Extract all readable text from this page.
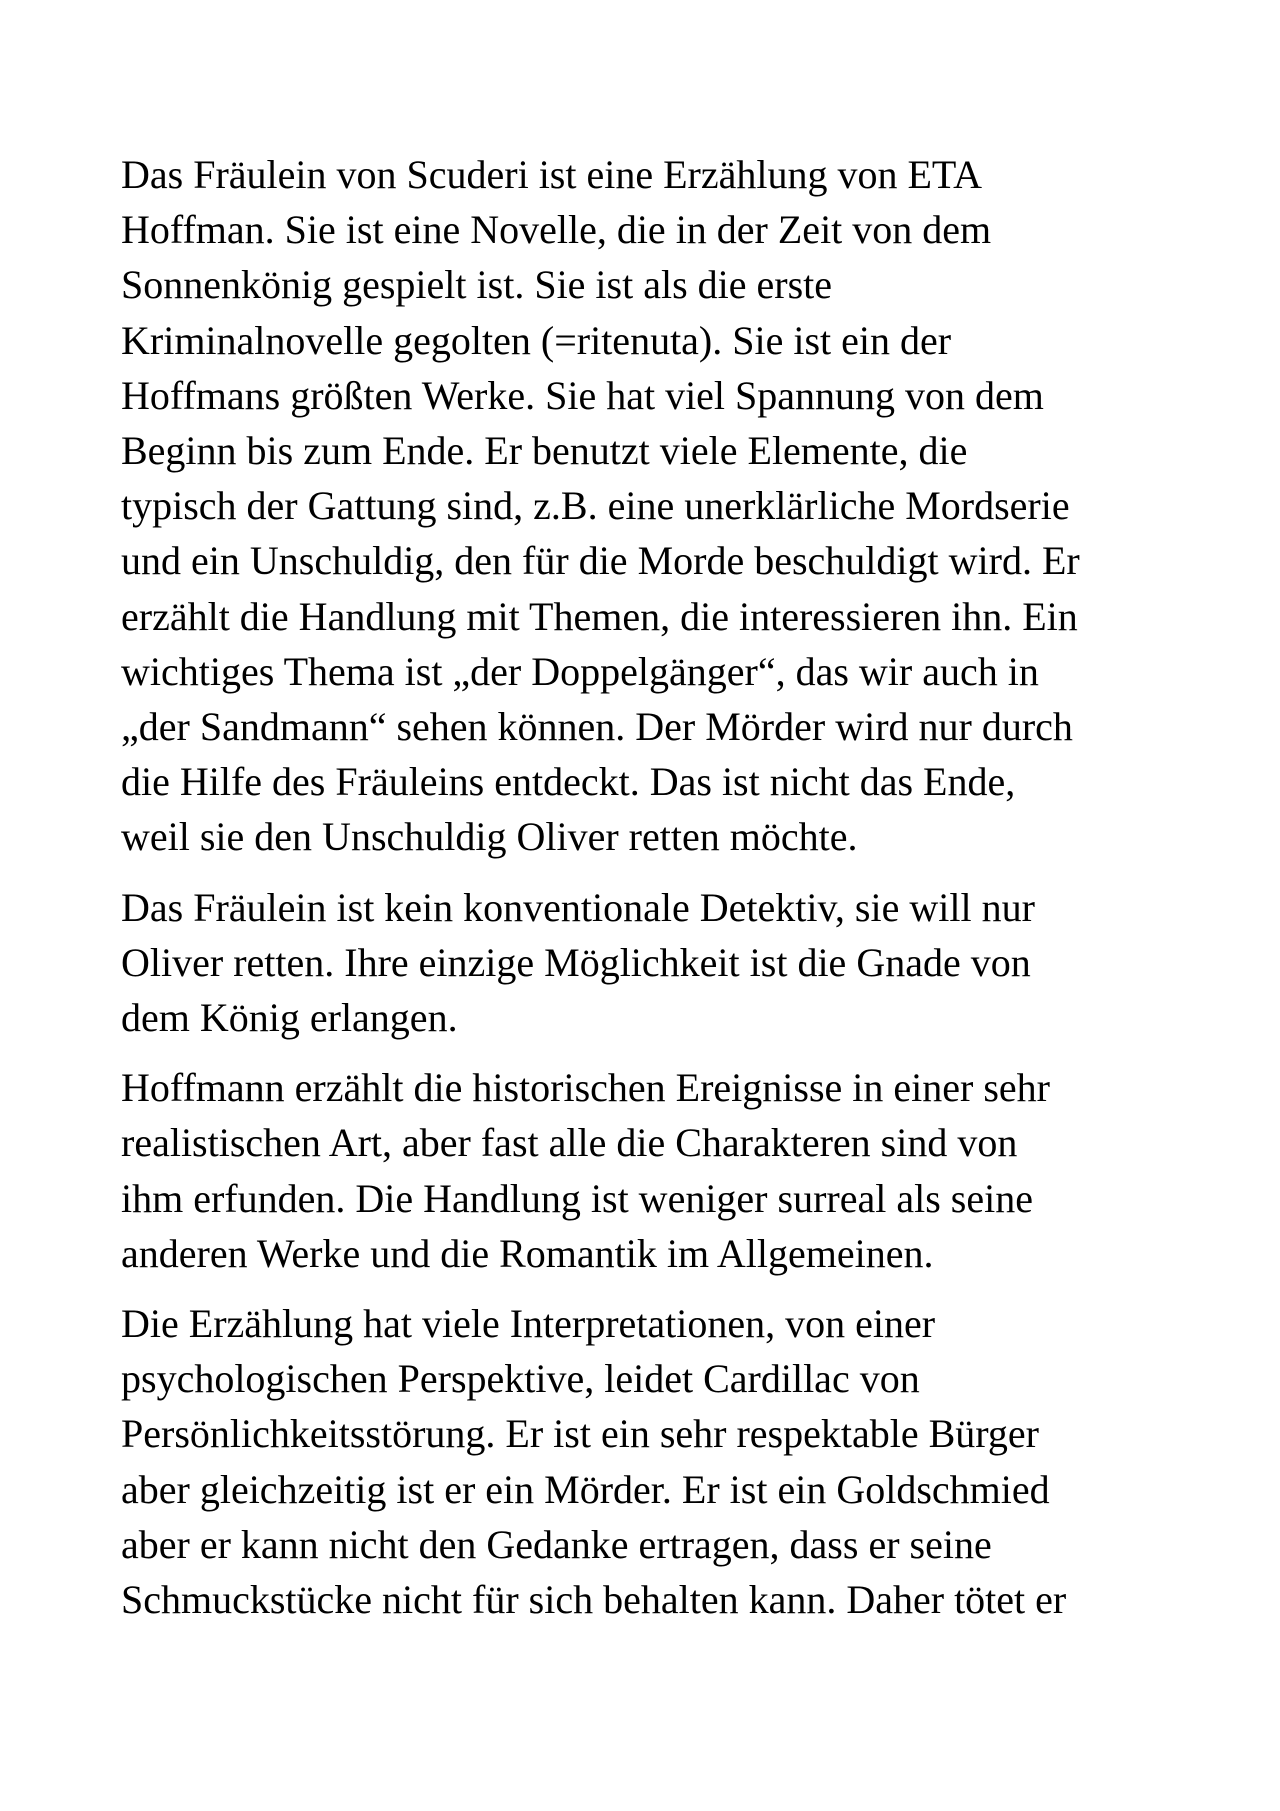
Das Fräulein von Scuderi ist eine Erzählung von ETA
Hoffman. Sie ist eine Novelle, die in der Zeit von dem
Sonnenkönig gespielt ist. Sie ist als die erste
Kriminalnovelle gegolten (=ritenuta). Sie ist ein der
Hoffmans größten Werke. Sie hat viel Spannung von dem
Beginn bis zum Ende. Er benutzt viele Elemente, die
typisch der Gattung sind, z.B. eine unerklärliche Mordserie
und ein Unschuldig, den für die Morde beschuldigt wird. Er
erzählt die Handlung mit Themen, die interessieren ihn. Ein
wichtiges Thema ist „der Doppelgänger“, das wir auch in
„der Sandmann“ sehen können. Der Mörder wird nur durch
die Hilfe des Fräuleins entdeckt. Das ist nicht das Ende,
weil sie den Unschuldig Oliver retten möchte.

Das Fräulein ist kein konventionale Detektiv, sie will nur
Oliver retten. Ihre einzige Möglichkeit ist die Gnade von
dem König erlangen.

Hoffmann erzählt die historischen Ereignisse in einer sehr
realistischen Art, aber fast alle die Charakteren sind von
ihm erfunden. Die Handlung ist weniger surreal als seine
anderen Werke und die Romantik im Allgemeinen.

Die Erzählung hat viele Interpretationen, von einer
psychologischen Perspektive, leidet Cardillac von
Persönlichkeitsstörung. Er ist ein sehr respektable Bürger
aber gleichzeitig ist er ein Mörder. Er ist ein Goldschmied
aber er kann nicht den Gedanke ertragen, dass er seine
Schmuckstücke nicht für sich behalten kann. Daher tötet er
